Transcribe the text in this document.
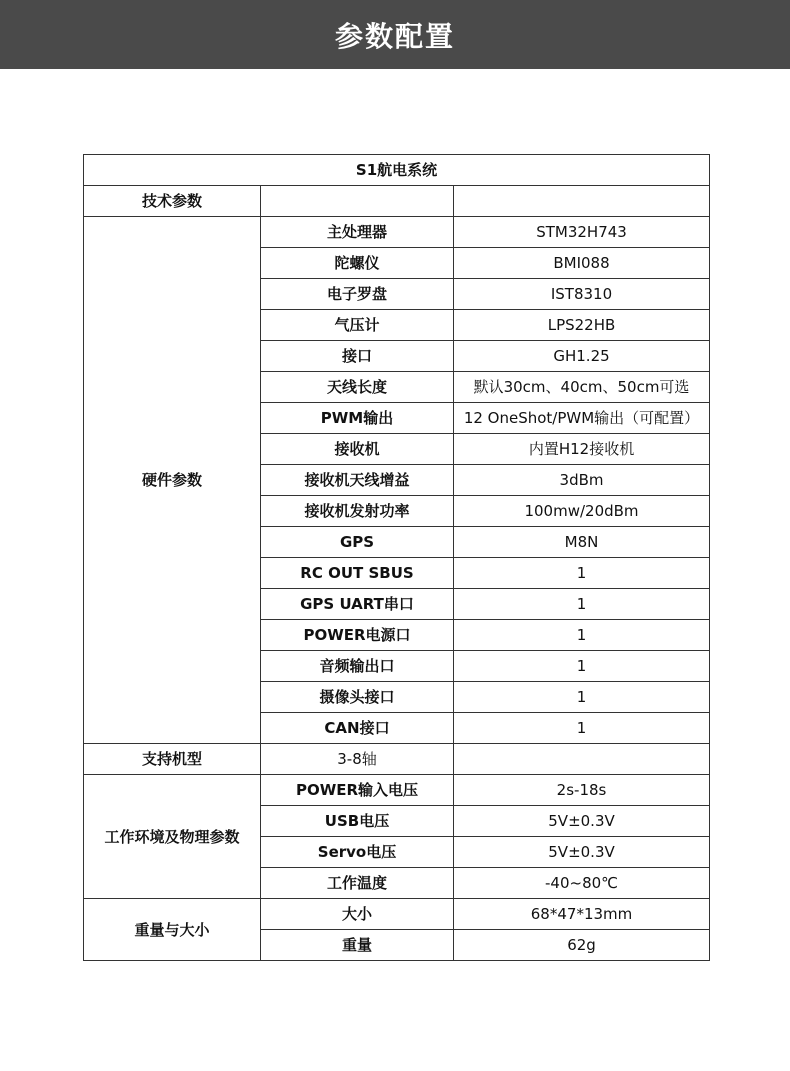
参数配置
S1航电系统		
技术参数		
硬件参数	主处理器	STM32H743
	陀螺仪	BMI088
	电子罗盘	IST8310
	气压计	LPS22HB
	接口	GH1.25
	天线长度	默认30cm、40cm、50cm可选
	PWM输出	12 OneShot/PWM输出（可配置）
	接收机	内置H12接收机
	接收机天线增益	3dBm
	接收机发射功率	100mw/20dBm
	GPS	M8N
	RC OUT SBUS	1
	GPS UART串口	1
	POWER电源口	1
	音频输出口	1
	摄像头接口	1
	CAN接口	1
支持机型	3-8轴	
工作环境及物理参数	POWER输入电压	2s-18s
	USB电压	5V±0.3V
	Servo电压	5V±0.3V
	工作温度	-40~80℃
重量与大小	大小	68*47*13mm
	重量	62g
